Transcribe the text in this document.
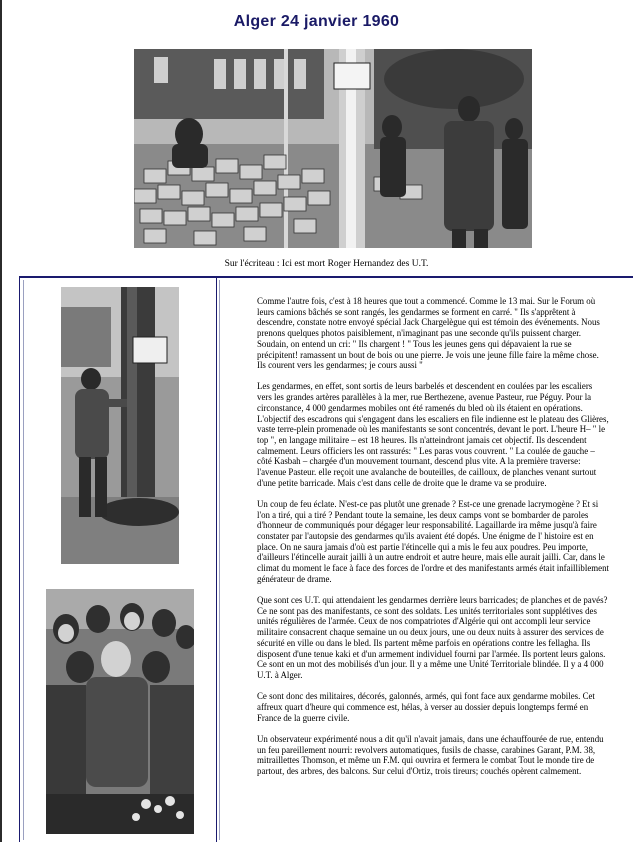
Alger 24 janvier 1960
Sur l'écriteau : Ici est mort Roger Hernandez des U.T.

Comme l'autre fois, c'est à 18 heures que tout a commencé. Comme le 13 mai. Sur le Forum où leurs camions bâchés se sont rangés, les gendarmes se forment en carré. " Ils s'apprêtent à descendre, constate notre envoyé spécial Jack Chargelègue qui est témoin des événements. Nous prenons quelques photos paisiblement, n'imaginant pas une seconde qu'ils puissent charger. Soudain, on entend un cri: " Ils chargent ! " Tous les jeunes gens qui dépavaient la rue se précipitent! ramassent un bout de bois ou une pierre. Je vois une jeune fille faire la même chose. Ils courent vers les gendarmes; je cours aussi "

Les gendarmes, en effet, sont sortis de leurs barbelés et descendent en coulées par les escaliers vers les grandes artères parallèles à la mer, rue Berthezene, avenue Pasteur, rue Péguy. Pour la circonstance, 4 000 gendarmes mobiles ont été ramenés du bled où ils étaient en opérations. L'objectif des escadrons qui s'engagent dans les escaliers en file indienne est le plateau des Glières, vaste terre-plein promenade où les manifestants se sont concentrés, devant le port. L'heure H– " le top ", en langage militaire – est 18 heures. Ils n'atteindront jamais cet objectif. Ils descendent calmement. Leurs officiers les ont rassurés: " Les paras vous couvrent. " La coulée de gauche – côté Kasbah – chargée d'un mouvement tournant, descend plus vite. A la première traverse: l'avenue Pasteur. elle reçoit une avalanche de bouteilles, de cailloux, de planches venant surtout d'une petite barricade. Mais c'est dans celle de droite que le drame va se produire.

Un coup de feu éclate. N'est-ce pas plutôt une grenade ? Est-ce une grenade lacrymogène ? Et si l'on a tiré, qui a tiré ? Pendant toute la semaine, les deux camps vont se bombarder de paroles d'honneur de communiqués pour dégager leur responsabilité. Lagaillarde ira même jusqu'à faire constater par l'autopsie des gendarmes qu'ils avaient été dopés. Une énigme de l' histoire est en place. On ne saura jamais d'où est partie l'étincelle qui a mis le feu aux poudres. Peu importe, d'ailleurs l'étincelle aurait jailli à un autre endroit et autre heure, mais elle aurait jailli. Car, dans le climat du moment le face à face des forces de l'ordre et des manifestants armés était infailliblement générateur de drame.

Que sont ces U.T. qui attendaient les gendarmes derrière leurs barricades; de planches et de pavés? Ce ne sont pas des manifestants, ce sont des soldats. Les unités territoriales sont supplétives des unités régulières de l'armée. Ceux de nos compatriotes d'Algérie qui ont accompli leur service militaire consacrent chaque semaine un ou deux jours, une ou deux nuits à assurer des services de sécurité en ville ou dans le bled. Ils partent même parfois en opérations contre les fellagha. Ils disposent d'une tenue kaki et d'un armement individuel fourni par l'armée. Ils portent leurs galons. Ce sont en un mot des mobilisés d'un jour. Il y a même une Unité Territoriale blindée. Il y a 4 000 U.T. à Alger.

Ce sont donc des militaires, décorés, galonnés, armés, qui font face aux gendarme mobiles. Cet affreux quart d'heure qui commence est, hélas, à verser au dossier depuis longtemps fermé en France de la guerre civile.

Un observateur expérimenté nous a dit qu'il n'avait jamais, dans une échauffourée de rue, entendu un feu pareillement nourri: revolvers automatiques, fusils de chasse, carabines Garant, P.M. 38, mitraillettes Thomson, et même un F.M. qui ouvrira et fermera le combat Tout le monde tire de partout, des arbres, des balcons. Sur celui d'Ortiz, trois tireurs; couchés opèrent calmement.
